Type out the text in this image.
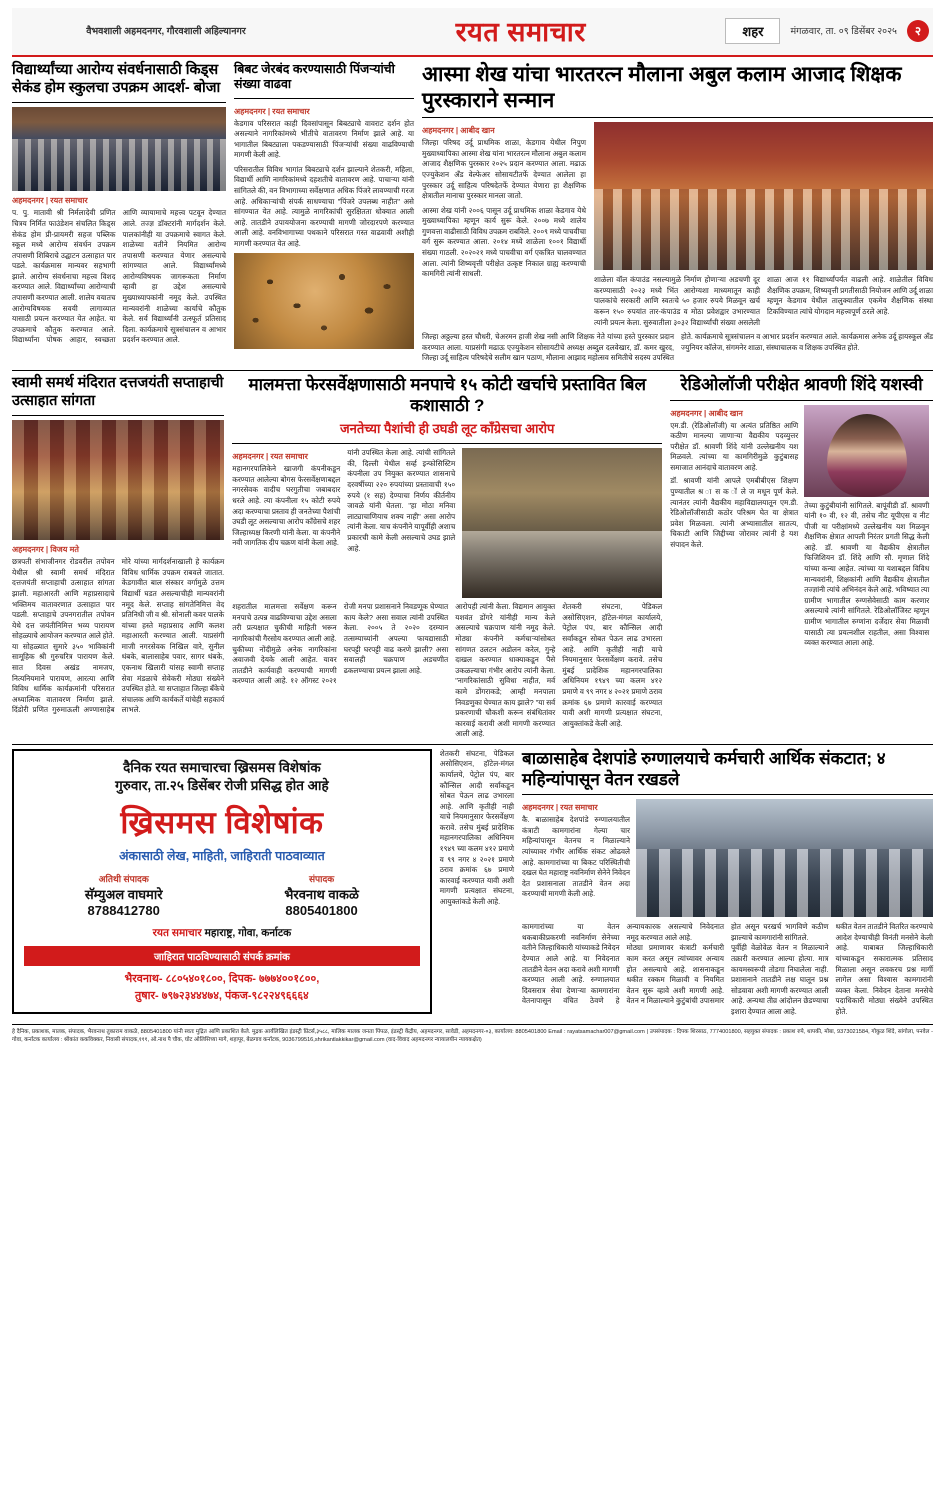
वैभवशाली अहमदनगर, गौरवशाली अहिल्यानगर	रयत समाचार	शहर	मंगळवार, ता. ०९ डिसेंबर २०२५	२
विद्यार्थ्यांच्या आरोग्य संवर्धनासाठी किड्स सेकंड होम स्कुलचा उपक्रम आदर्श- बोजा
अहमदनगर | रयत समाचार
प. पु. मातावी श्री निर्मलादेवी प्रणित चित्रय निर्मित फाउंडेशन संचलित किड्स सेकंड होम प्री-प्रायमरी सहज पब्लिक स्कूल मध्ये आरोग्य संवर्धन उपक्रम तपासणी शिबिराचे उद्घाटन उत्साहात पार पडले. कार्यक्रमास मान्यवर सहभागी झाले. आरोग्य संवर्धनाचा महत्त्व विशद करण्यात आले. विद्यार्थ्यांच्या आरोग्याची तपासणी करण्यात आली. शालेय वयातच आरोग्यविषयक सवयी लागाव्यात यासाठी प्रयत्न करण्यात येत आहेत. या उपक्रमाचे कौतुक करण्यात आले. विद्यार्थ्यांना पोषक आहार, स्वच्छता आणि व्यायामाचे महत्त्व पटवून देण्यात आले. तज्ज्ञ डॉक्टरांनी मार्गदर्शन केले. पालकांनीही या उपक्रमाचे स्वागत केले. शाळेच्या वतीने नियमित आरोग्य तपासणी करण्यात येणार असल्याचे सांगण्यात आले. विद्यार्थ्यांमध्ये आरोग्यविषयक जागरूकता निर्माण व्हावी हा उद्देश असल्याचे मुख्याध्यापकांनी नमूद केले. उपस्थित मान्यवरांनी शाळेच्या कार्याचे कौतुक केले. सर्व विद्यार्थ्यांनी उत्स्फूर्त प्रतिसाद दिला. कार्यक्रमाचे सूत्रसंचालन व आभार प्रदर्शन करण्यात आले.
बिबट जेरबंद करण्यासाठी पिंजऱ्यांची संख्या वाढवा
अहमदनगर | रयत समाचार
केडगाव परिसरात काही दिवसांपासून बिबट्याचे वावराट दर्शन होत असल्याने नागरिकांमध्ये भीतीचे वातावरण निर्माण झाले आहे. या भागातील बिबट्याला पकडण्यासाठी पिंजऱ्यांची संख्या वाढविण्याची मागणी केली आहे.
परिसरातील विविध भागांत बिबट्याचे दर्शन झाल्याने शेतकरी, महिला, विद्यार्थी आणि नागरिकांमध्ये दहशतीचे वातावरण आहे. पाचाऱ्या यांनी सांगितले की, वन विभागाच्या सर्वेक्षणात अधिक पिंजरे लावण्याची गरज आहे. अधिकाऱ्यांची संपर्क साधण्याचा "पिंजरे उपलब्ध नाहीत" असे सांगण्यात येत आहे. त्यामुळे नागरिकांची सुरक्षितता धोक्यात आली आहे. तातडीने उपाययोजना करण्याची मागणी जोरदारपणे करण्यात आली आहे. वनविभागाच्या पथकाने परिसरात गस्त वाढवावी अशीही मागणी करण्यात येत आहे.
आस्मा शेख यांचा भारतरत्न मौलाना अबुल कलाम आजाद शिक्षक पुरस्काराने सन्मान
अहमदनगर | आबीद खान
जिल्हा परिषद उर्दू प्राथमिक शाळा, केडगाव येथील निपुण मुख्याध्यापिका आस्मा शेख यांना भारतरत्न मौलाना अबुल कलाम आजाद शैक्षणिक पुरस्कार २०२५ प्रदान करण्यात आला. मढाऊ एज्युकेशन अँड वेल्फेअर सोसायटीतर्फे देण्यात आलेला हा पुरस्कार उर्दू साहित्य परिषदेतर्फे देण्यात येणारा हा शैक्षणिक क्षेत्रातील मानाचा पुरस्कार मानला जातो.
आस्मा शेख यांनी २००६ पासून उर्दू प्राथमिक शाळा केडगाव येथे मुख्याध्यापिका म्हणून कार्य सुरू केले. २००७ मध्ये शालेय गुणवत्ता वाढीसाठी विविध उपक्रम राबविले. २००९ मध्ये पाचवीचा वर्ग सुरू करण्यात आला. २०१४ मध्ये शाळेला १००१ विद्यार्थी संख्या गाठली. २०२०२१ मध्ये पाचवीचा वर्ग एकत्रित चालवण्यात आला. त्यांनी शिष्यवृत्ती परीक्षेत उत्कृष्ट निकाल ग्राह्य करण्याची कामगिरी त्यांनी साधली.
शाळेला वॉल कंपाउंड नसल्यामुळे निर्माण होणाऱ्या अडचणी दूर करण्यासाठी २०२३ मध्ये भिंत आरोग्यशा माध्यमातून काही पालकांचे सरकारी आणि स्वतःचे ५० हजार रुपये मिळवून खर्च करून १५० रुपयांत तार-कंपाउंड व मोठा प्रवेशद्वार उभारण्यात त्यांनी प्रयत्न केला. सुरुवातीला ३०३२ विद्यार्थ्यांची संख्या असलेली शाळा आज ११ विद्यार्थ्यांपर्यंत वाढली आहे. शाळेतील विविध शैक्षणिक उपक्रम, शिष्यवृत्ती प्रगतीसाठी नियोजन आणि उर्दू शाळा म्हणून केडगाव येथील तालुक्यातील एकमेव शैक्षणिक संस्था टिकविण्यात त्यांचे योगदान महत्त्वपूर्ण ठरले आहे.
जिल्हा अठ्ठल्या हस्त चौधरी, चेअरमन हाजी शेख नसी आणि शिक्षक नेते यांच्या हस्ते पुरस्कार प्रदान करण्यात आला. याप्रसंगी मढाऊ एज्युकेशन सोसायटीचे अध्यक्ष अब्दुल दलवेखार, डॉ. कमर खुरद, जिल्हा उर्दू साहित्य परिषदेचे सलीम खान पठाण, मौलाना आझाद महोत्सव समितीचे सदस्य उपस्थित होते. कार्यक्रमाचे सूत्रसंचालन व आभार प्रदर्शन करण्यात आले. कार्यक्रमास अनेक उर्दू हायस्कूल अँड ज्युनियर कॉलेज, संगमनेर शाळा, संस्थाचालक व शिक्षक उपस्थित होते.
स्वामी समर्थ मंदिरात दत्तजयंती सप्ताहाची उत्साहात सांगता
अहमदनगर | विजय मते
छत्रपती संभाजीनगर रोडवरील तपोवन येथील श्री स्वामी समर्थ मंदिरात दत्तजयंती सप्ताहाची उत्साहात सांगता झाली. महाआरती आणि महाप्रसादाचे भक्तिमय वातावरणात उत्साहात पार पडली. सप्ताहाचे उपनगरातील तपोवन येथे दत्त जयंतीनिमित्त भव्य पारायण सोहळ्याचे आयोजन करण्यात आले होते. या सोहळ्यात सुमारे ३५० भाविकांनी सामूहिक श्री गुरुचरित्र पारायण केले. सात दिवस अखंड नामजप, नित्यनियमाने पारायण, आरत्या आणि विविध धार्मिक कार्यक्रमांनी परिसरात अध्यात्मिक वातावरण निर्माण झाले. दिंडोरी प्रणित गुरुमाऊली अण्णासाहेब मोरे यांच्या मार्गदर्शनाखाली हे कार्यक्रम विविध धार्मिक उपक्रम राबवले जातात. केडगावीत बाल संस्कार वर्गामुळे उत्तम विद्यार्थी घडत असल्याचीही मान्यवरांनी नमूद केले. सप्ताह सांगतेनिमित्त वेद प्रतिनिधी जी व श्री. सोनाली कवर पालके यांच्या हस्ते महाप्रसाद आणि कलश महाआरती करण्यात आली. याप्रसंगी माजी नगरसेवक निखिल वारे, सुनील थंबके, बालासाहेब पवार, सागर थंबके, एकनाथ खिलारी यांसह स्वामी सप्ताह सेवा मंडळाचे सेवेकरी मोठ्या संख्येने उपस्थित होते. या सप्ताहात जिल्हा बँकेचे संचालक आणि कार्यकर्ते यांचेही सहकार्य लाभले.
मालमत्ता फेरसर्वेक्षणासाठी मनपाचे १५ कोटी खर्चाचे प्रस्तावित बिल कशासाठी ?
जनतेच्या पैशांची ही उघडी लूट काँग्रेसचा आरोप
अहमदनगर | रयत समाचार
महानगरपालिकेने खाजगी कंपनीकडून करण्यात आलेल्या बोगस फेरसर्वेक्षणाबद्दल नगरसेवक वादीच घरगुतीचा जबाबदार धरले आहे. त्या कंपनीला १५ कोटी रुपये अदा करण्याचा प्रस्ताव ही जनतेच्या पैशांची उघडी लूट असल्याचा आरोप काँग्रेसचे शहर जिल्हाध्यक्ष किरणी यांनी केला. या कंपनीने नवी जागतिक दीप चक्रण यांनी केला आहे.
यांनी उपस्थित केला आहे. त्यांची सांगितले की, दिल्ली येथील सर्व्ह इन्फोसिस्टिम कंपनीला उप नियुक्त करण्यात शासनाचे दरवर्षीच्या २२० रुपयांच्या प्रस्तावाची १५० रुपये (१ सह) देण्याचा निर्णय कीर्तनीय जावळे यांनी घेतला. "हा मोठा मनिवा लाट्याचाणियाच शक्य नाही" असा आरोप त्यांनी केला. याच कंपनीने यापूर्वीही अशाच प्रकारची कामे केली असल्याचे उघड झाले आहे.
शहरातील मालमत्ता सर्वेक्षण करून मनपाचे उत्पन्न वाढविण्याचा उद्देश असला तरी प्रत्यक्षात चुकीची माहिती भरून नागरिकांची गैरसोय करण्यात आली आहे. चुकीच्या नोंदीमुळे अनेक नागरिकांना अवाजवी देयके आली आहेत. यावर तातडीने कार्यवाही करण्याची मागणी करण्यात आली आहे. १२ ऑगस्ट २०२१ रोजी मनपा प्रशासनाने निवडणूक घेण्यात काय केले? असा सवाल त्यांनी उपस्थित केला. २००५ ते २०२० दरम्यान तत्सम्याच्यांनी अपल्या फायद्यासाठी घरपट्टी घरपट्टी वाढ करणे झाली? असा सवालही चक्रपाण अडचणीत ढकलण्याचा प्रयत्न झाला आहे.
आरोपही त्यांनी केला. विद्यमान आयुक्त यशवंत डोंगरे यांनीही मान्य केले असल्याचे चक्रपाण यांनी नमूद केले. मोठ्या कंपनीने कर्मचाऱ्यांसोबत सांगणत उलटन अडोलन करेल, गुन्हे दाखल करण्यात धाक्याकडून पैसे उकळल्याचा गंभीर आरोप त्यांनी केला. "नागरिकांसाठी सुविधा नाहीत, मर्व कामे डोंगराकडे; आम्ही मनपाला निवडणुका घेण्यात काय झाले? "या सर्व प्रकरणाची चौकशी करून संबंधितांवर कारवाई करावी अशी मागणी करण्यात आली आहे.
शेतकरी संघटना, पेडिकल असोसिएशन, हॉटेल-मंगल कार्यालये, पेट्रोल पंप, बार कौन्सिल आदी सर्वांकडून सोबत पेऊन लाढ उभारला आहे. आणि कृतीही नाही याचे नियमानुसार फेरसर्वेक्षण करावे. तसेच मुंबई प्रादेशिक महानगरपालिका अधिनियम १९४९ च्या कलम ४१२ प्रमाणे व ९९ नगर ४ २०२१ प्रमाणे ठराव क्रमांक ६७ प्रमाणे कारवाई करण्यात यावी अशी मागणी प्रत्यक्षात संघटना, आयुक्तांकडे केली आहे.
रेडिओलॉजी परीक्षेत श्रावणी शिंदे यशस्वी
अहमदनगर | आबीद खान
एम.डी. (रेडिओलॉजी) या अत्यंत प्रतिष्ठित आणि कठीण मानल्या जाणाऱ्या वैद्यकीय पदव्युत्तर परीक्षेत डॉ. श्रावणी शिंदे यांनी उल्लेखनीय यश मिळवले. त्यांच्या या कामगिरीमुळे कुटुंबासह समाजात आनंदाचे वातावरण आहे.
डॉ. श्रावणी यांनी आपले एमबीबीएस शिक्षण पुण्यातील श्र ा स क ॉ ले ज मधून पूर्ण केले. त्यानंतर त्यांनी वैद्यकीय महाविद्यालयातून एम.डी. रेडिओलॉजीसाठी कठोर परिश्रम घेत या क्षेत्रात प्रवेश मिळवला. त्यांनी अभ्यासातील सातत्य, चिकाटी आणि जिद्दीच्या जोरावर त्यांनी हे यश संपादन केले.
तेच्या कुटुंबीयांनी सांगितले. बापूंवीडी डॉ. श्रावणी यांनी १० वी, १२ वी, तसेच नीट यूपीएस व नीट पीजी या परीक्षांमध्ये उल्लेखनीय यश मिळवून शैक्षणिक क्षेत्रात आपली निरंतर प्रगती सिद्ध केली आहे. डॉ. श्रावणी या वैद्यकीय क्षेत्रातील फिजिशियन डॉ. शिंदे आणि सौ. मृणाल शिंदे यांच्या कन्या आहेत. त्यांच्या या यशाबद्दल विविध मान्यवरांनी, शिक्षकांनी आणि वैद्यकीय क्षेत्रातील तज्ज्ञांनी त्यांचे अभिनंदन केले आहे. भविष्यात त्या ग्रामीण भागातील रुग्णसेवेसाठी काम करणार असल्याचे त्यांनी सांगितले. रेडिओलॉजिस्ट म्हणून ग्रामीण भागातील रुग्णांना दर्जेदार सेवा मिळावी यासाठी त्या प्रयत्नशील राहतील, असा विश्वास व्यक्त करण्यात आला आहे.
दैनिक रयत समाचारचा ख्रिसमस विशेषांक
गुरुवार, ता.२५ डिसेंबर रोजी प्रसिद्ध होत आहे
ख्रिसमस विशेषांक
अंकासाठी लेख, माहिती, जाहिराती पाठवाव्यात
अतिथी संपादक
सॅम्युअल वाघमारे
8788412780
संपादक
भैरवनाथ वाकळे
8805401800
रयत समाचार महाराष्ट्र, गोवा, कर्नाटक
जाहिरात पाठविण्यासाठी संपर्क क्रमांक
भैरवनाथ- ८८०५४०१८००, दिपक- ७७७४००१८००,
तुषार- ७९७२३४४४७४, पंकज-९८२२४९६६६४
शेतकरी संघटना, पेडिकल असोसिएशन, हॉटेल-मंगल कार्यालये, पेट्रोल पंप, बार कौन्सिल आदी सर्वांकडून सोबत पेऊन लाढ उभारला आहे. आणि कृतीही नाही याचे नियमानुसार फेरसर्वेक्षण करावे. तसेच मुंबई प्रादेशिक महानगरपालिका अधिनियम १९४९ च्या कलम ४१२ प्रमाणे व ९९ नगर ४ २०२१ प्रमाणे ठराव क्रमांक ६७ प्रमाणे कारवाई करण्यात यावी अशी मागणी प्रत्यक्षात संघटना, आयुक्तांकडे केली आहे.
बाळासाहेब देशपांडे रुग्णालयाचे कर्मचारी आर्थिक संकटात; ४ महिन्यांपासून वेतन रखडले
अहमदनगर | रयत समाचार
कै. बाळासाहेब देशपांडे रुग्णालयातील कंत्राटी कामगारांना गेल्या चार महिन्यांपासून वेतनच न मिळाल्याने त्यांच्यावर गंभीर आर्थिक संकट ओढवले आहे. कामगारांच्या या बिकट परिस्थितीची दखल घेत महाराष्ट्र नवनिर्माण सेनेने निवेदन देत प्रशासनाला तातडीने वेतन अदा करण्याची मागणी केली आहे.
कामगारांच्या या वेतन थकबाकीप्रकरणी नवनिर्माण सेनेच्या वतीने जिल्हाधिकारी यांच्याकडे निवेदन देण्यात आले आहे. या निवेदनात तातडीने वेतन अदा करावे अशी मागणी करण्यात आली आहे. रुग्णालयात दिवसरात्र सेवा देणाऱ्या कामगारांना वेतनापासून वंचित ठेवणे हे अन्यायकारक असल्याचे निवेदनात नमूद करण्यात आले आहे.
मोठ्या प्रमाणावर कंत्राटी कर्मचारी काम करत असून त्यांच्यावर अन्याय होत असल्याचे आहे. शासनाकडून थकीत रक्कम मिळावी व नियमित वेतन सुरू व्हावे अशी मागणी आहे. वेतन न मिळाल्याने कुटुंबांची उपासमार होत असून घरखर्च भागविणे कठीण झाल्याचे कामगारांनी सांगितले.
पूर्वीही वेळोवेळ वेतन न मिळाल्याने तक्रारी करण्यात आल्या होत्या. मात्र कायमस्वरूपी तोडगा निघालेला नाही. प्रशासनाने तातडीने लक्ष घालून प्रश्न सोडवावा अशी मागणी करण्यात आली आहे. अन्यथा तीव्र आंदोलन छेडण्याचा इशारा देण्यात आला आहे.
थकीत वेतन तातडीने वितरित करण्याचे आदेश देण्याचीही विनंती मनसेने केली आहे. याबाबत जिल्हाधिकारी यांच्याकडून सकारात्मक प्रतिसाद मिळाला असून लवकरच प्रश्न मार्गी लागेल असा विश्वास कामगारांनी व्यक्त केला. निवेदन देताना मनसेचे पदाधिकारी मोठ्या संख्येने उपस्थित होते.
हे दैनिक, प्रकाशक, मालक, संपादक, भैरवनाथ तुकाराम वाकळे, 8805401800 यांनी स्वतः मुद्रित आणि प्रकाशित केले. मुद्रक आर्यलिखित इंडस्ट्री प्रिंटर्स,३५८८, मालिक मालक जनता पिंपळ, इंडस्ट्री केंद्रीय, अहमदनगर, सावेडी, अहमदनगर-०३, कार्यालय: 8805401800 Email : rayatsamachar007@gmail.com | उपसंपादक : दिपक शिरसाठ, 7774001800, सहयुक्त संपादक : प्रकाश रुपे, थापकी, मोबा, 9373021584, गोकुळ शिंदे, सांगोला, पनवेल - गोवा, कर्नाटक कार्यालय : श्रीकांत ककविक्कर, निवासी संपादक,१११, ओ.नाथ पै चौक, घोट ओलिसिच्या मागे, शहापूर, बेळगाव कर्नाटक, 9036799516,shrikantlakkikar@gmail.com (वाद-विवाद अहमदनगर न्यायालयीन न्यायकक्षेत)
